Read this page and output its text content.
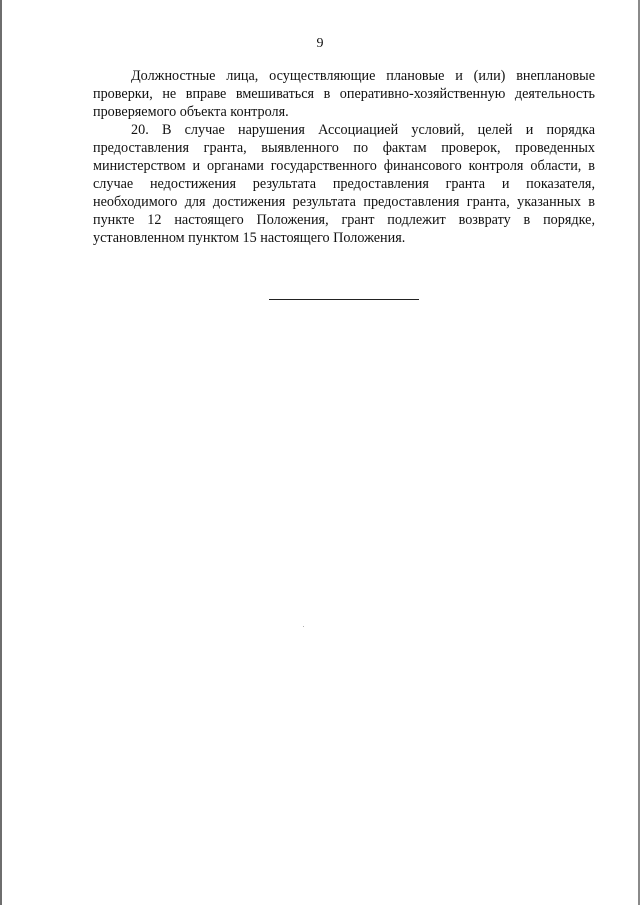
9

Должностные лица, осуществляющие плановые и (или) внеплановые проверки, не вправе вмешиваться в оперативно-хозяйственную деятельность проверяемого объекта контроля.

20. В случае нарушения Ассоциацией условий, целей и порядка предоставления гранта, выявленного по фактам проверок, проведенных министерством и органами государственного финансового контроля области, в случае недостижения результата предоставления гранта и показателя, необходимого для достижения результата предоставления гранта, указанных в пункте 12 настоящего Положения, грант подлежит возврату в порядке, установленном пунктом 15 настоящего Положения.
